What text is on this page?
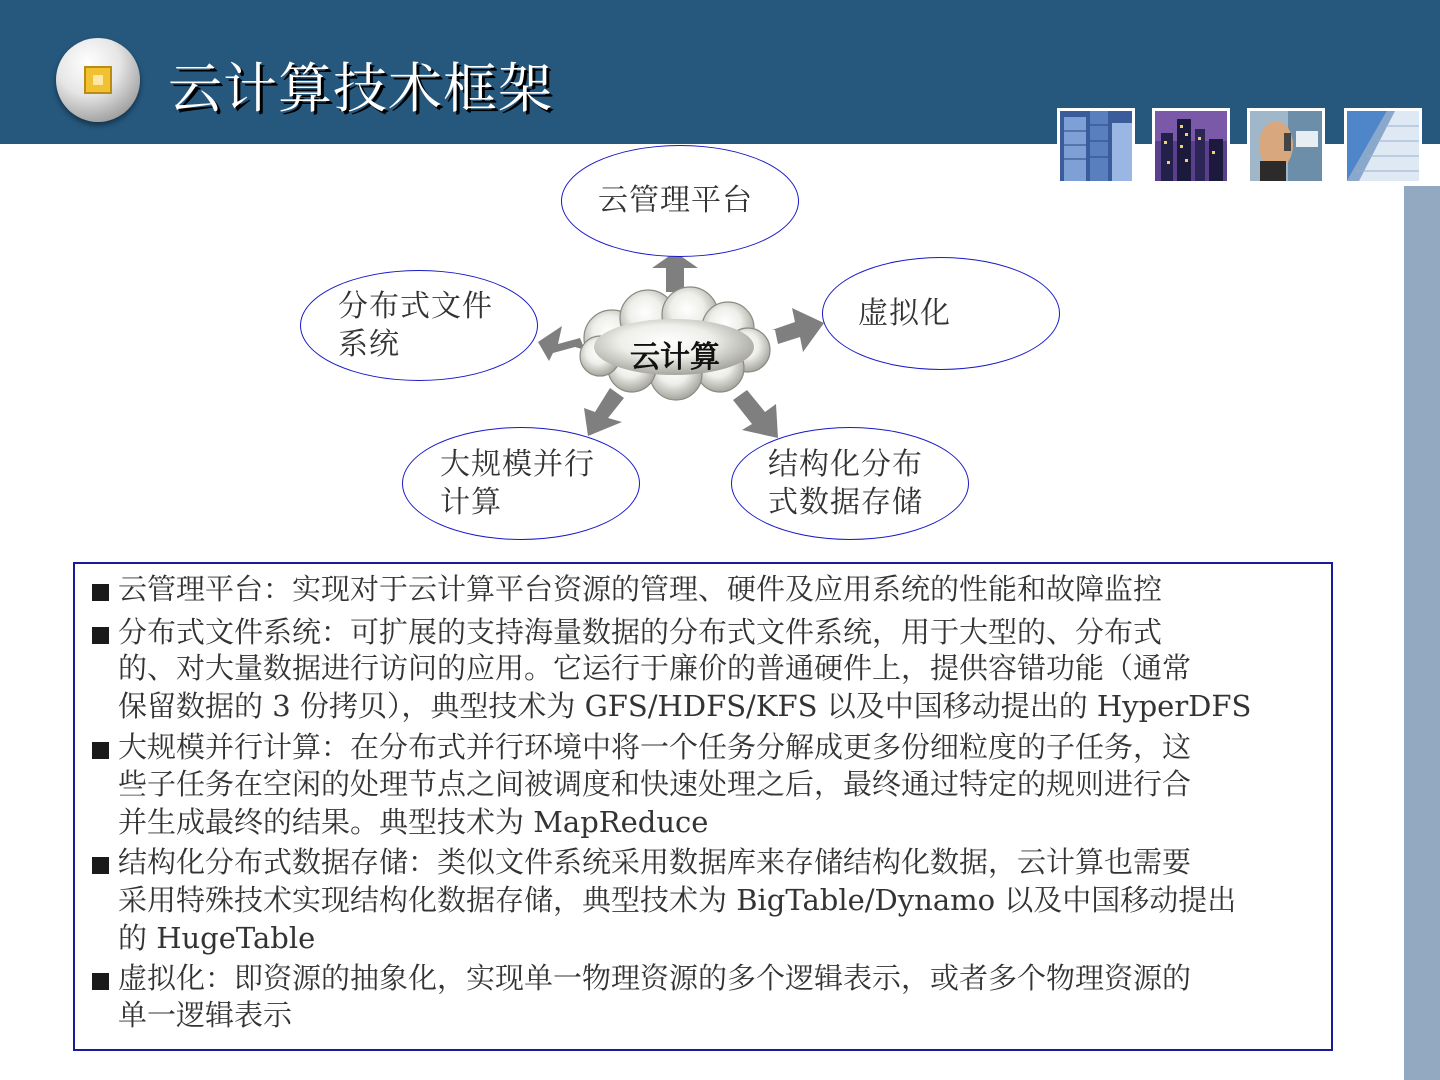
云计算技术框架
云计算
云管理平台
分布式文件
系统
虚拟化
大规模并行
计算
结构化分布
式数据存储
云管理平台：实现对于云计算平台资源的管理、硬件及应用系统的性能和故障监控
分布式文件系统：可扩展的支持海量数据的分布式文件系统，用于大型的、分布式
的、对大量数据进行访问的应用。它运行于廉价的普通硬件上，提供容错功能（通常
保留数据的 3 份拷贝），典型技术为 GFS/HDFS/KFS 以及中国移动提出的 HyperDFS
大规模并行计算：在分布式并行环境中将一个任务分解成更多份细粒度的子任务，这
些子任务在空闲的处理节点之间被调度和快速处理之后，最终通过特定的规则进行合
并生成最终的结果。典型技术为 MapReduce
结构化分布式数据存储：类似文件系统采用数据库来存储结构化数据，云计算也需要
采用特殊技术实现结构化数据存储，典型技术为 BigTable/Dynamo 以及中国移动提出
的 HugeTable
虚拟化：即资源的抽象化，实现单一物理资源的多个逻辑表示，或者多个物理资源的
单一逻辑表示
